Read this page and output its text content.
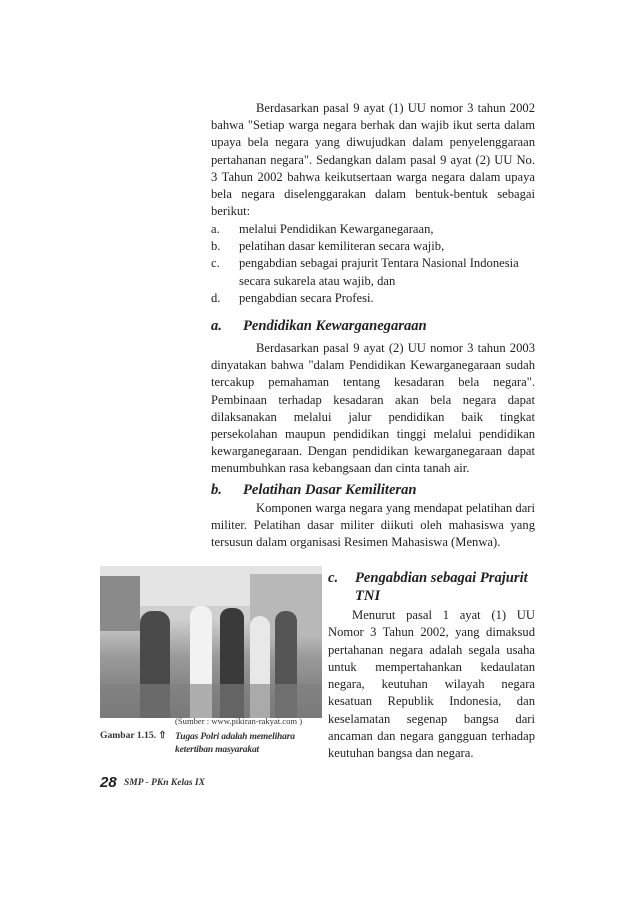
Berdasarkan pasal 9 ayat (1) UU nomor 3 tahun 2002 bahwa "Setiap warga negara berhak dan wajib ikut serta dalam upaya bela negara yang diwujudkan dalam penyelenggaraan pertahanan negara". Sedangkan dalam pasal 9 ayat (2) UU No. 3 Tahun 2002 bahwa keikutsertaan warga negara dalam upaya bela negara diselenggarakan dalam bentuk-bentuk sebagai berikut:

a.	melalui Pendidikan Kewarganegaraan,
b.	pelatihan dasar kemiliteran secara wajib,
c.	pengabdian sebagai prajurit Tentara Nasional Indonesia secara sukarela atau wajib, dan
d.	pengabdian secara Profesi.
a.	Pendidikan Kewarganegaraan

Berdasarkan pasal 9 ayat (2) UU nomor 3 tahun 2003 dinyatakan bahwa "dalam Pendidikan Kewarganegaraan sudah tercakup pemahaman tentang kesadaran bela negara". Pembinaan terhadap kesadaran akan bela negara dapat dilaksanakan melalui jalur pendidikan baik tingkat persekolahan maupun pendidikan tinggi melalui pendidikan kewarganegaraan. Dengan pendidikan kewarganegaraan dapat menumbuhkan rasa kebangsaan dan cinta tanah air.

b.	Pelatihan Dasar Kemiliteran

Komponen warga negara yang mendapat pelatihan dari militer. Pelatihan dasar militer diikuti oleh mahasiswa yang tersusun dalam organisasi Resimen Mahasiswa (Menwa).

(Sumber : www.pikiran-rakyat.com )
Gambar 1.15. ⇧ Tugas Polri adalah memelihara ketertiban masyarakat
c.	Pengabdian sebagai Prajurit TNI

Menurut pasal 1 ayat (1) UU Nomor 3 Tahun 2002, yang dimaksud pertahanan negara adalah segala usaha untuk mempertahankan kedaulatan negara, keutuhan wilayah negara kesatuan Republik Indonesia, dan keselamatan segenap bangsa dari ancaman dan negara gangguan terhadap keutuhan bangsa dan negara.

28 SMP - PKn Kelas IX
